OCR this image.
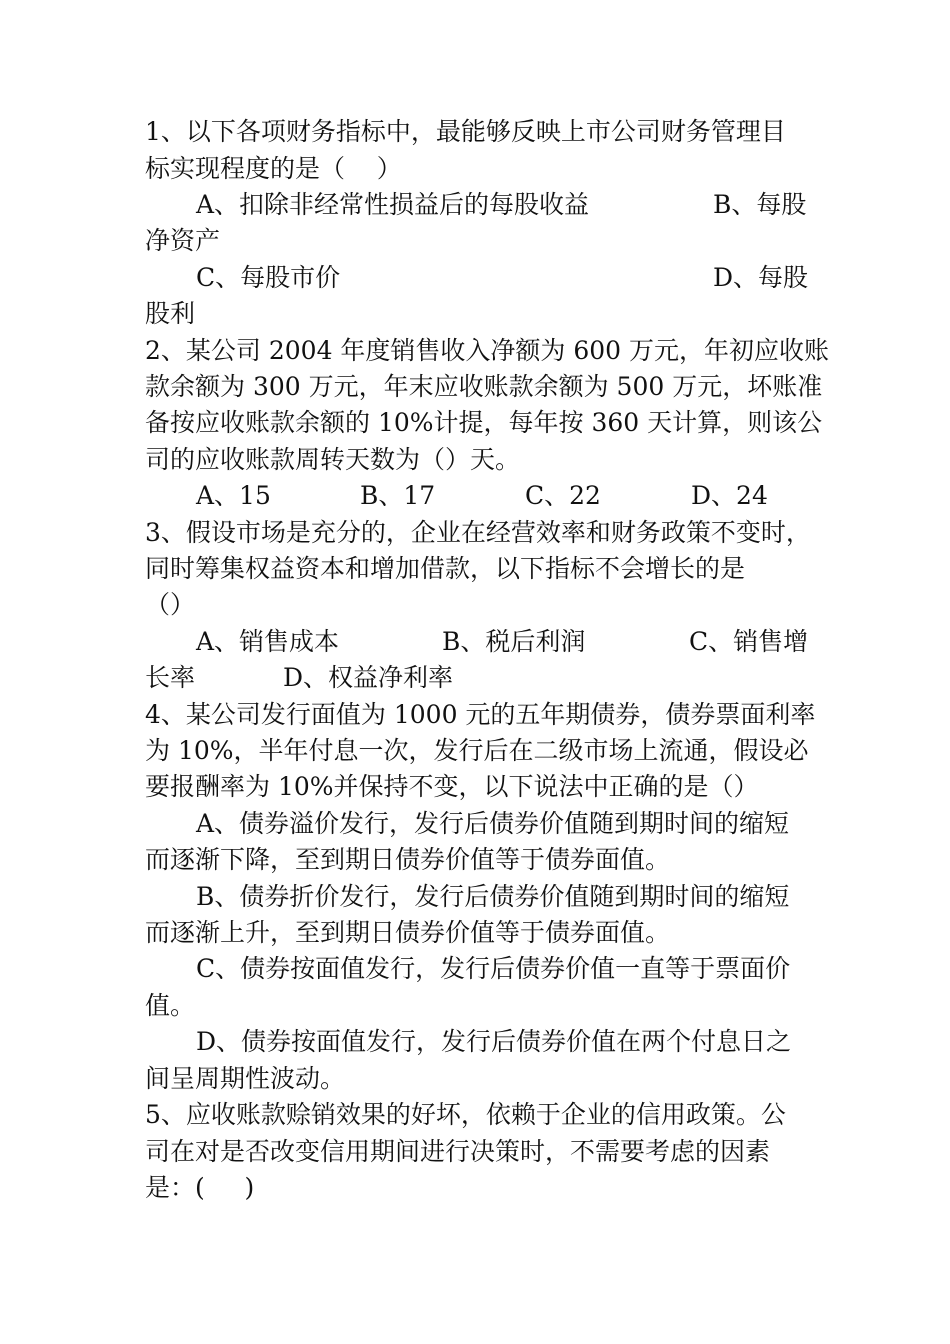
1、以下各项财务指标中，最能够反映上市公司财务管理目

标实现程度的是（    ）

A、扣除非经常性损益后的每股收益

	B、每股

净资产

C、每股市价

	D、每股

股利

2、某公司 2004 年度销售收入净额为 600 万元，年初应收账

款余额为 300 万元，年末应收账款余额为 500 万元，坏账准

备按应收账款余额的 10%计提，每年按 360 天计算，则该公

司的应收账款周转天数为（）天。

A、15

	B、17

	C、22

	D、24

3、假设市场是充分的，企业在经营效率和财务政策不变时，

同时筹集权益资本和增加借款，以下指标不会增长的是

（）

A、销售成本

	B、税后利润

	C、销售增

长率

	D、权益净利率

4、某公司发行面值为 1000 元的五年期债券，债券票面利率

为 10%，半年付息一次，发行后在二级市场上流通，假设必

要报酬率为 10%并保持不变，以下说法中正确的是（）

A、债券溢价发行，发行后债券价值随到期时间的缩短

而逐渐下降，至到期日债券价值等于债券面值。

B、债券折价发行，发行后债券价值随到期时间的缩短

而逐渐上升，至到期日债券价值等于债券面值。

C、债券按面值发行，发行后债券价值一直等于票面价

值。

D、债券按面值发行，发行后债券价值在两个付息日之

间呈周期性波动。

5、应收账款赊销效果的好坏，依赖于企业的信用政策。公

司在对是否改变信用期间进行决策时，不需要考虑的因素

是：(     )
